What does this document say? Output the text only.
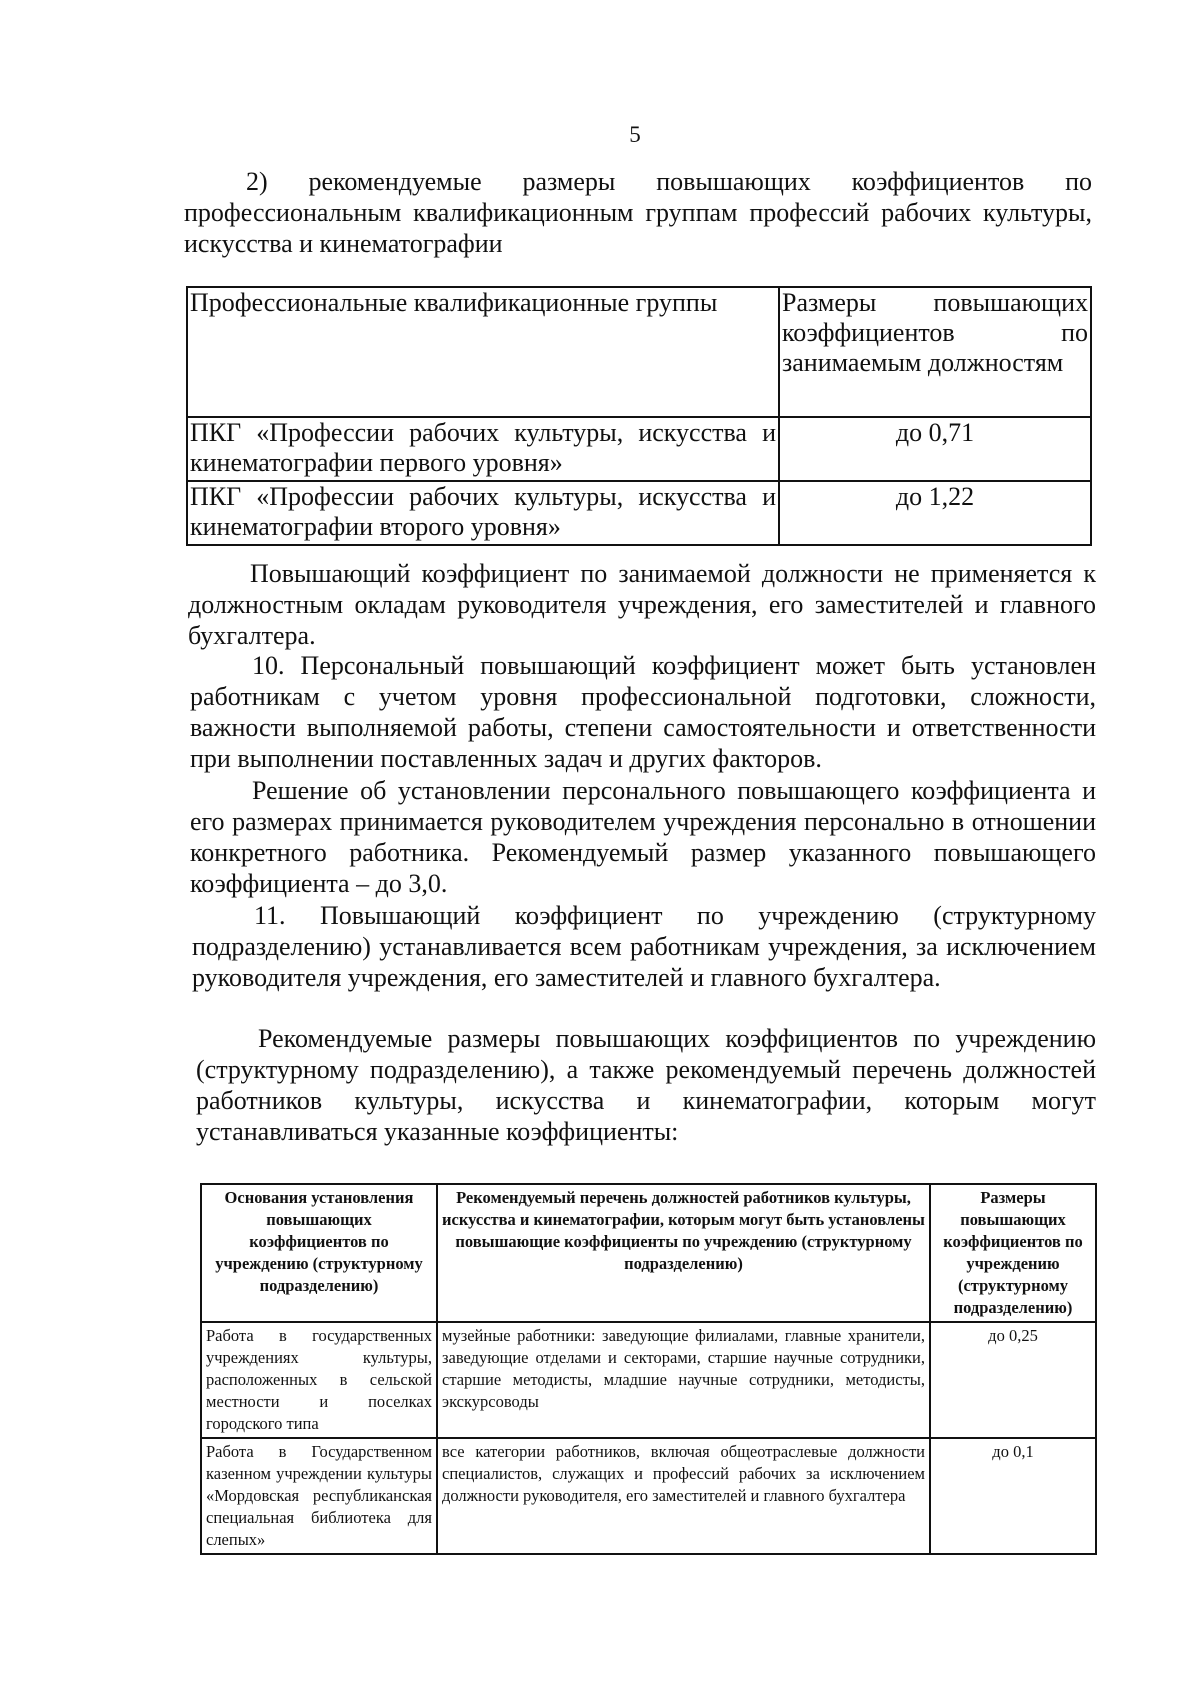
5

2) рекомендуемые размеры повышающих коэффициентов по профессиональным квалификационным группам профессий рабочих культуры, искусства и кинематографии

Профессиональные квалификационные группы	Размеры повышающих коэффициентов по занимаемым должностям
ПКГ «Профессии рабочих культуры, искусства и кинематографии первого уровня»	до 0,71
ПКГ «Профессии рабочих культуры, искусства и кинематографии второго уровня»	до 1,22

Повышающий коэффициент по занимаемой должности не применяется к должностным окладам руководителя учреждения, его заместителей и главного бухгалтера.

10. Персональный повышающий коэффициент может быть установлен работникам с учетом уровня профессиональной подготовки, сложности, важности выполняемой работы, степени самостоятельности и ответственности при выполнении поставленных задач и других факторов.

Решение об установлении персонального повышающего коэффициента и его размерах принимается руководителем учреждения персонально в отношении конкретного работника. Рекомендуемый размер указанного повышающего коэффициента – до 3,0.

11. Повышающий коэффициент по учреждению (структурному подразделению) устанавливается всем работникам учреждения, за исключением руководителя учреждения, его заместителей и главного бухгалтера.

Рекомендуемые размеры повышающих коэффициентов по учреждению (структурному подразделению), а также рекомендуемый перечень должностей работников культуры, искусства и кинематографии, которым могут устанавливаться указанные коэффициенты:

Основания установления повышающих коэффициентов по учреждению (структурному подразделению)	Рекомендуемый перечень должностей работников культуры, искусства и кинематографии, которым могут быть установлены повышающие коэффициенты по учреждению (структурному подразделению)	Размеры повышающих коэффициентов по учреждению (структурному подразделению)
Работа в государственных учреждениях культуры, расположенных в сельской местности и поселках городского типа	музейные работники: заведующие филиалами, главные хранители, заведующие отделами и секторами, старшие научные сотрудники, старшие методисты, младшие научные сотрудники, методисты, экскурсоводы	до 0,25
Работа в Государственном казенном учреждении культуры «Мордовская республиканская специальная библиотека для слепых»	все категории работников, включая общеотраслевые должности специалистов, служащих и профессий рабочих за исключением должности руководителя, его заместителей и главного бухгалтера	до 0,1
